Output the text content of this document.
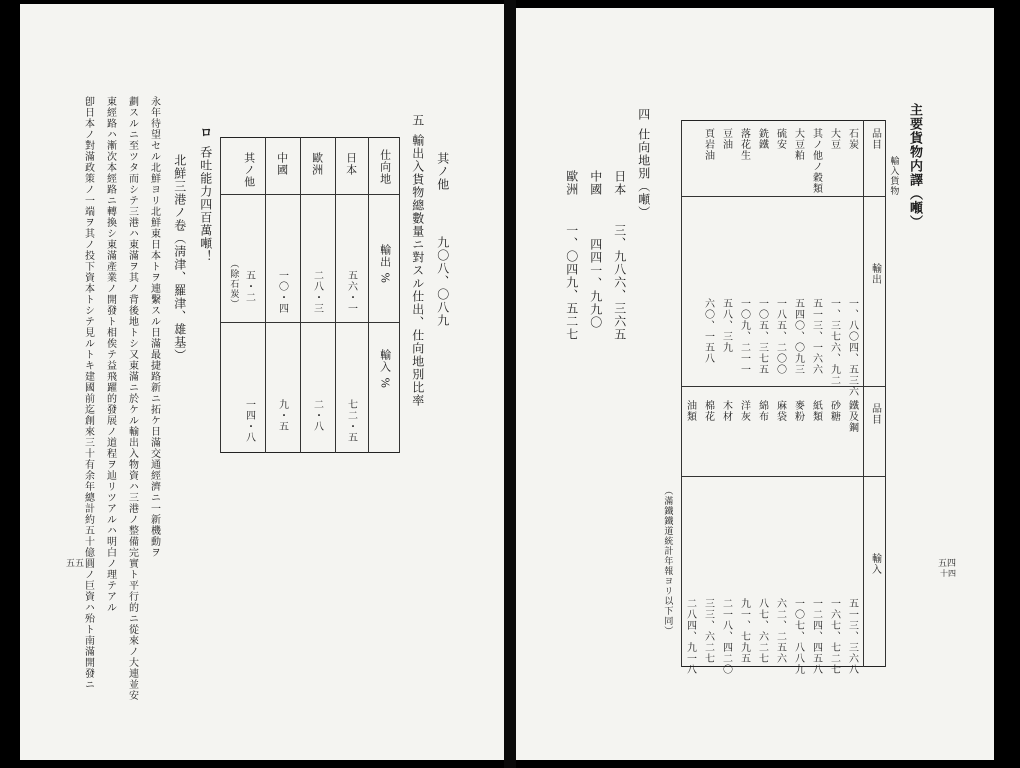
其ノ他
九〇八、〇八九
五
輸出入貨物總數量ニ對スル仕出、仕向地別比率
仕向地
輸出 %
輸入 %
日本
五六・一
七二・五
歐洲
二八・三
二・八
中國
一〇・四
九・五
其ノ他
五・二
一四・八
（除石炭）
ロ
呑吐能力四百萬噸！
北鮮三港ノ卷（淸津、羅津、雄基）
永年待望セル北鮮ヨリ北鮮東日本トヲ連繫スル日滿最捷路新ニ拓ケ日滿交通經濟ニ一新機動ヲ
劃スルニ至ツタ而シテ三港ハ東滿ヲ其ノ背後地トシ又東滿ニ於ケル輸出入物資ハ三港ノ整備完實ト平行的ニ從來ノ大連並安
東經路ハ漸次本經路ニ轉換シ東滿產業ノ開發ト相俟テ益飛躍的發展ノ道程ヲ辿リツアルハ明白ノ理テアル
卽日本ノ對滿政策ノ一端ヲ其ノ投下資本トシテ見ルトキ建國前迄創來三十有余年總計約五十億圓ノ巨資ハ殆ト南滿開發ニ
五五
主要貨物内譯（噸）
輸入貨物
五四
十四
品目
輸出
品目
輸入
石炭
一、八〇四、五三六
鐵及鋼
五一三、三六八
大豆
一、三七六、九二
砂糖
一六七、七二七
其ノ他ノ穀類
五一三、一六六
紙類
一二四、四五八
大豆粕
五四〇、〇九三
麥粉
一〇七、八八九
硫安
一八五、二〇〇
麻袋
六二、二五六
銑鐵
一〇五、三七五
綿布
八七、六二七
落花生
一〇九、二一一
洋灰
九一、七九五
豆油
五八、三九
木材
二一八、四二〇
頁岩油
六〇、一五八
棉花
三三、六二七
油類
二八四、九一八
（滿鐵鐵道統計年報ヨリ以下同）
四
仕向地別（噸）
日本
三、九八六、三六五
中國
四四一、九九〇
歐洲
一、〇四九、五二七
